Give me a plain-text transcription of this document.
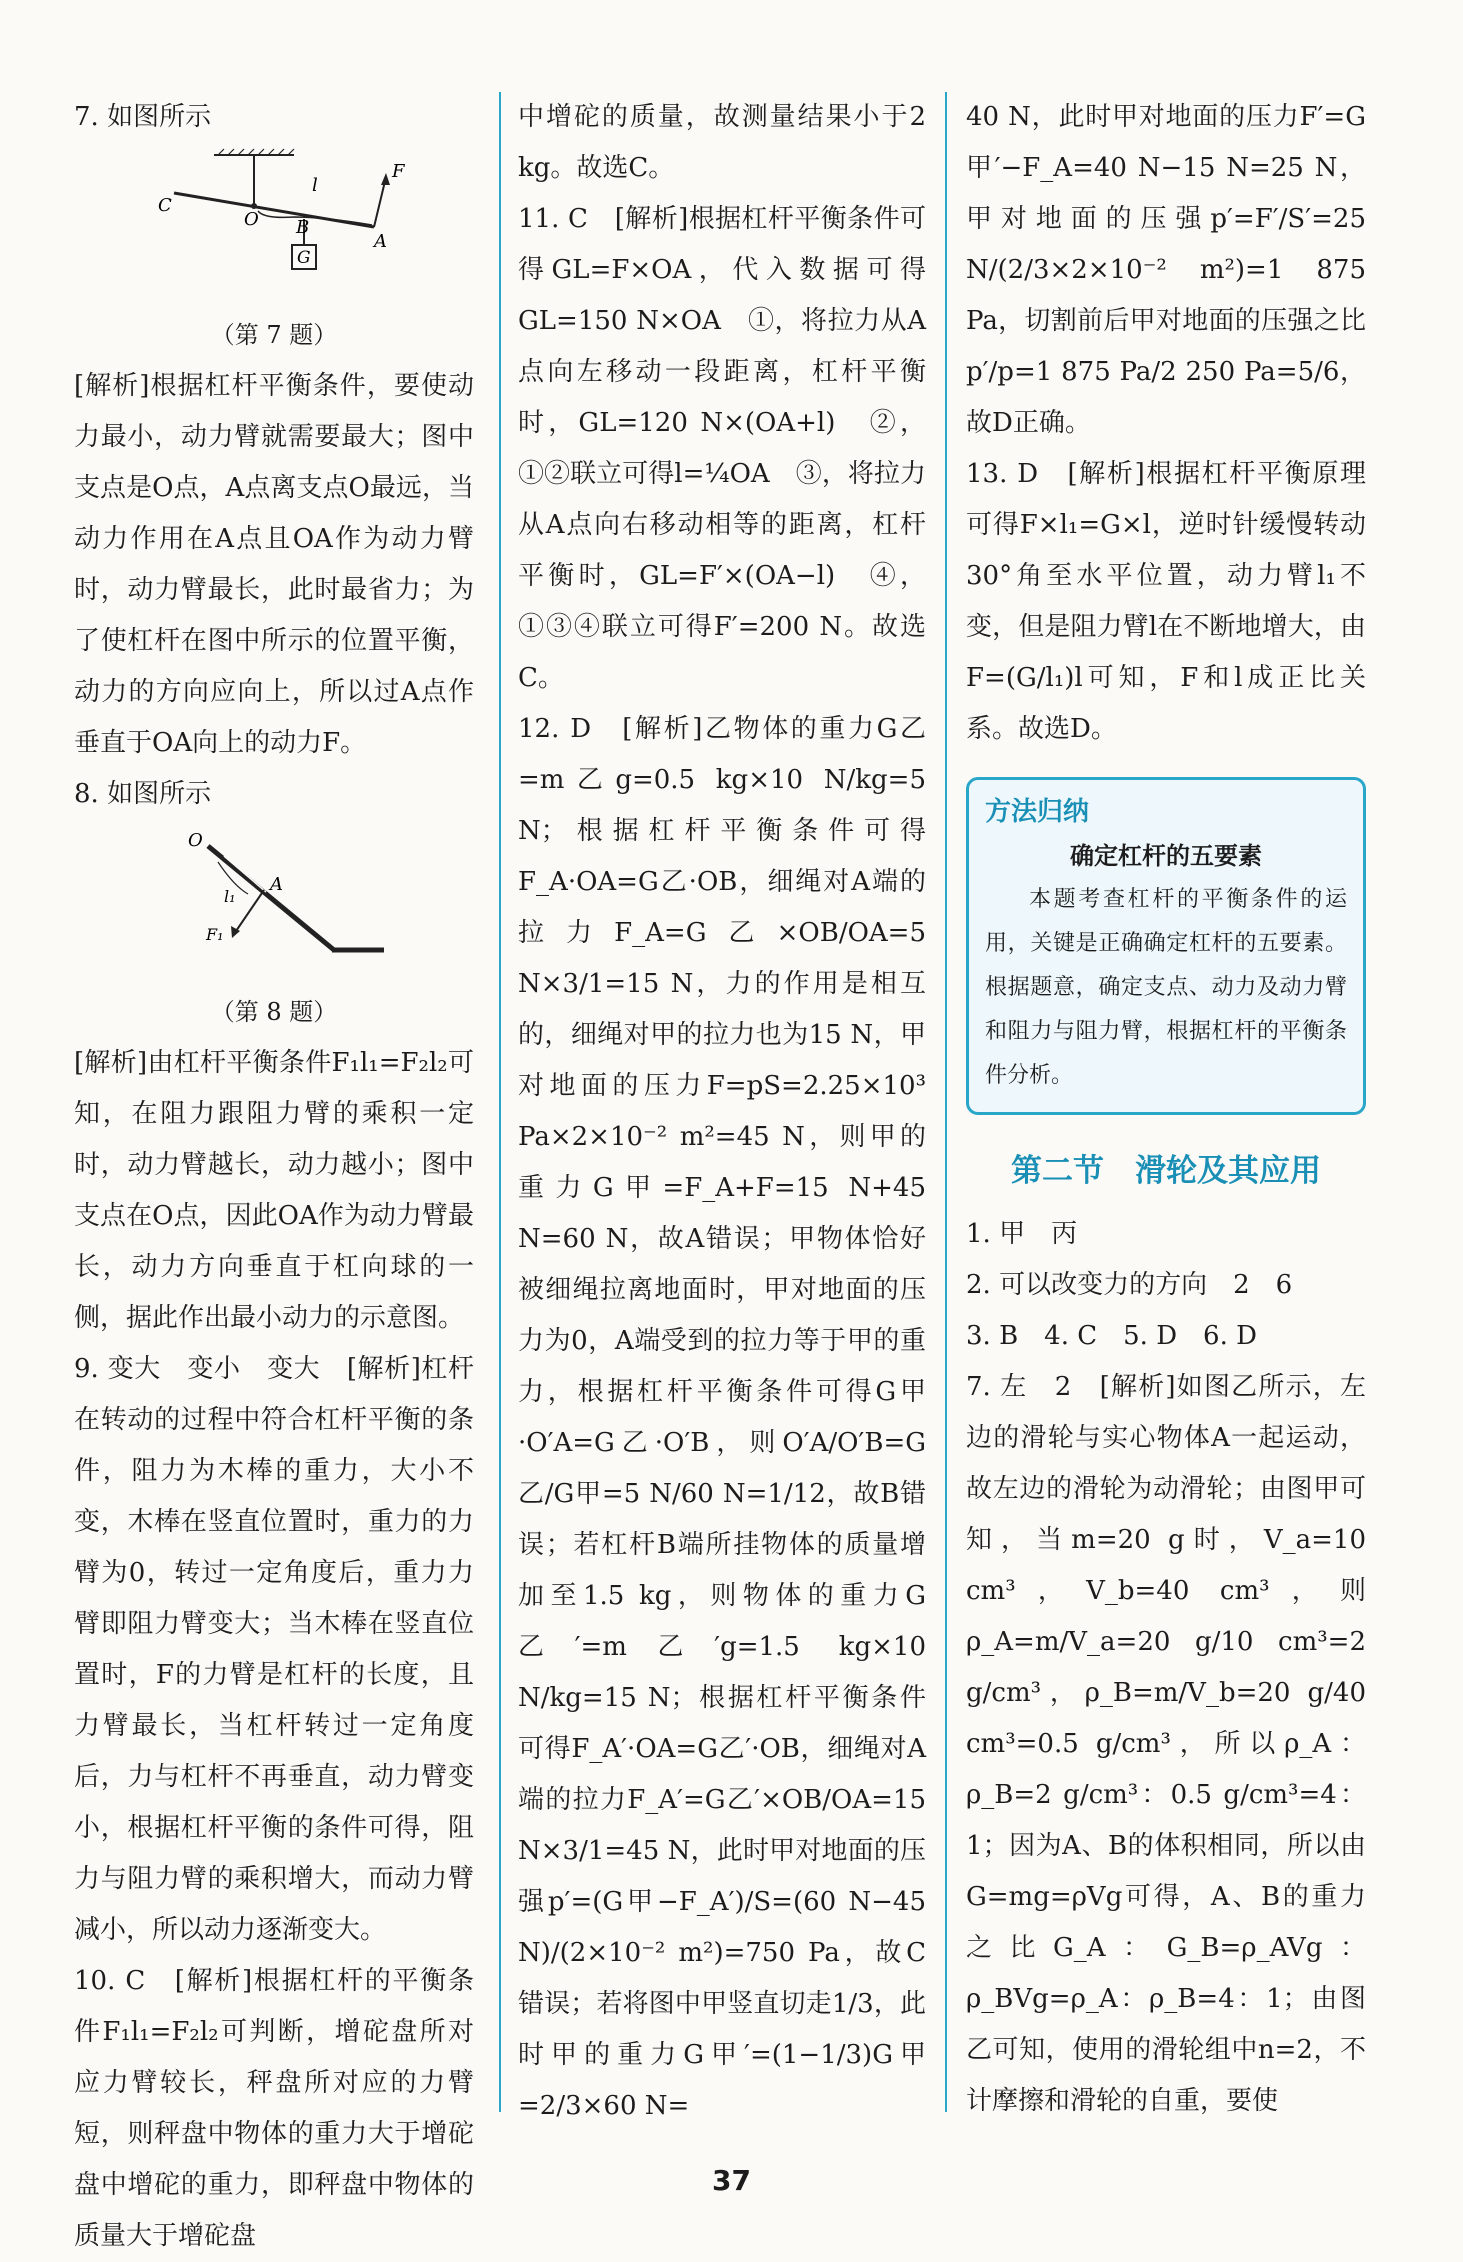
7. 如图所示

C
O
l
B
A
F
G
（第 7 题）

[解析]根据杠杆平衡条件，要使动力最小，动力臂就需要最大；图中支点是O点，A点离支点O最远，当动力作用在A点且OA作为动力臂时，动力臂最长，此时最省力；为了使杠杆在图中所示的位置平衡，动力的方向应向上，所以过A点作垂直于OA向上的动力F。

8. 如图所示

O
A
l₁
F₁
（第 8 题）

[解析]由杠杆平衡条件F₁l₁=F₂l₂可知，在阻力跟阻力臂的乘积一定时，动力臂越长，动力越小；图中支点在O点，因此OA作为动力臂最长，动力方向垂直于杠向球的一侧，据此作出最小动力的示意图。

9. 变大　变小　变大　[解析]杠杆在转动的过程中符合杠杆平衡的条件，阻力为木棒的重力，大小不变，木棒在竖直位置时，重力的力臂为0，转过一定角度后，重力力臂即阻力臂变大；当木棒在竖直位置时，F的力臂是杠杆的长度，且力臂最长，当杠杆转过一定角度后，力与杠杆不再垂直，动力臂变小，根据杠杆平衡的条件可得，阻力与阻力臂的乘积增大，而动力臂减小，所以动力逐渐变大。

10. C　[解析]根据杠杆的平衡条件F₁l₁=F₂l₂可判断，增砣盘所对应力臂较长，秤盘所对应的力臂短，则秤盘中物体的重力大于增砣盘中增砣的重力，即秤盘中物体的质量大于增砣盘

中增砣的质量，故测量结果小于2 kg。故选C。

11. C　[解析]根据杠杆平衡条件可得GL=F×OA，代入数据可得GL=150 N×OA　①，将拉力从A点向左移动一段距离，杠杆平衡时，GL=120 N×(OA+l)　②，①②联立可得l=¼OA　③，将拉力从A点向右移动相等的距离，杠杆平衡时，GL=F′×(OA−l)　④，①③④联立可得F′=200 N。故选C。

12. D　[解析]乙物体的重力G乙=m乙g=0.5 kg×10 N/kg=5 N；根据杠杆平衡条件可得F_A·OA=G乙·OB，细绳对A端的拉力F_A=G乙×OB/OA=5 N×3/1=15 N，力的作用是相互的，细绳对甲的拉力也为15 N，甲对地面的压力F=pS=2.25×10³ Pa×2×10⁻² m²=45 N，则甲的重力G甲=F_A+F=15 N+45 N=60 N，故A错误；甲物体恰好被细绳拉离地面时，甲对地面的压力为0，A端受到的拉力等于甲的重力，根据杠杆平衡条件可得G甲·O′A=G乙·O′B，则O′A/O′B=G乙/G甲=5 N/60 N=1/12，故B错误；若杠杆B端所挂物体的质量增加至1.5 kg，则物体的重力G乙′=m乙′g=1.5 kg×10 N/kg=15 N；根据杠杆平衡条件可得F_A′·OA=G乙′·OB，细绳对A端的拉力F_A′=G乙′×OB/OA=15 N×3/1=45 N，此时甲对地面的压强p′=(G甲−F_A′)/S=(60 N−45 N)/(2×10⁻² m²)=750 Pa，故C错误；若将图中甲竖直切走1/3，此时甲的重力G甲′=(1−1/3)G甲=2/3×60 N=

40 N，此时甲对地面的压力F′=G甲′−F_A=40 N−15 N=25 N，甲对地面的压强p′=F′/S′=25 N/(2/3×2×10⁻² m²)=1 875 Pa，切割前后甲对地面的压强之比p′/p=1 875 Pa/2 250 Pa=5/6，故D正确。

13. D　[解析]根据杠杆平衡原理可得F×l₁=G×l，逆时针缓慢转动30°角至水平位置，动力臂l₁不变，但是阻力臂l在不断地增大，由F=(G/l₁)l可知，F和l成正比关系。故选D。

方法归纳
确定杠杆的五要素
本题考查杠杆的平衡条件的运用，关键是正确确定杠杆的五要素。根据题意，确定支点、动力及动力臂和阻力与阻力臂，根据杠杆的平衡条件分析。
第二节　滑轮及其应用

1. 甲　丙

2. 可以改变力的方向　2　6

3. B　4. C　5. D　6. D

7. 左　2　[解析]如图乙所示，左边的滑轮与实心物体A一起运动，故左边的滑轮为动滑轮；由图甲可知，当m=20 g时，V_a=10 cm³，V_b=40 cm³，则ρ_A=m/V_a=20 g/10 cm³=2 g/cm³，ρ_B=m/V_b=20 g/40 cm³=0.5 g/cm³，所以ρ_A：ρ_B=2 g/cm³：0.5 g/cm³=4：1；因为A、B的体积相同，所以由G=mg=ρVg可得，A、B的重力之比G_A：G_B=ρ_AVg：ρ_BVg=ρ_A：ρ_B=4：1；由图乙可知，使用的滑轮组中n=2，不计摩擦和滑轮的自重，要使

37
